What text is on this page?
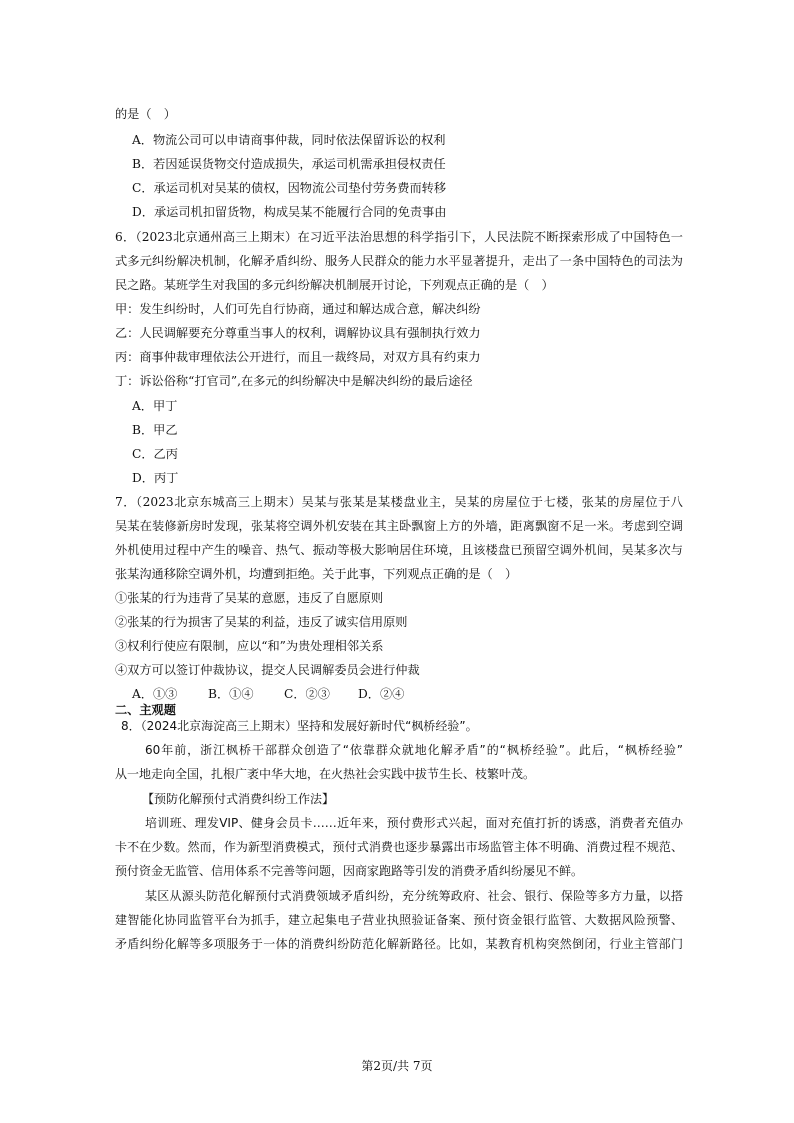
的是（　）
A．物流公司可以申请商事仲裁，同时依法保留诉讼的权利
B．若因延误货物交付造成损失，承运司机需承担侵权责任
C．承运司机对吴某的债权，因物流公司垫付劳务费而转移
D．承运司机扣留货物，构成吴某不能履行合同的免责事由
6．（2023北京通州高三上期末）在习近平法治思想的科学指引下，人民法院不断探索形成了中国特色一
式多元纠纷解决机制，化解矛盾纠纷、服务人民群众的能力水平显著提升，走出了一条中国特色的司法为
民之路。某班学生对我国的多元纠纷解决机制展开讨论，下列观点正确的是（　）
甲：发生纠纷时，人们可先自行协商，通过和解达成合意，解决纠纷
乙：人民调解要充分尊重当事人的权利，调解协议具有强制执行效力
丙：商事仲裁审理依法公开进行，而且一裁终局，对双方具有约束力
丁：诉讼俗称“打官司”,在多元的纠纷解决中是解决纠纷的最后途径
A．甲丁
B．甲乙
C．乙丙
D．丙丁
7．（2023北京东城高三上期末）吴某与张某是某楼盘业主，吴某的房屋位于七楼，张某的房屋位于八
吴某在装修新房时发现，张某将空调外机安装在其主卧飘窗上方的外墙，距离飘窗不足一米。考虑到空调
外机使用过程中产生的噪音、热气、振动等极大影响居住环境，且该楼盘已预留空调外机间，吴某多次与
张某沟通移除空调外机，均遭到拒绝。关于此事，下列观点正确的是（　）
①张某的行为违背了吴某的意愿，违反了自愿原则
②张某的行为损害了吴某的利益，违反了诚实信用原则
③权利行使应有限制，应以“和”为贵处理相邻关系
④双方可以签订仲裁协议，提交人民调解委员会进行仲裁
A．①③	B．①④ C．②③ D．②④
二、主观题
8．（2024北京海淀高三上期末）坚持和发展好新时代“枫桥经验”。
60年前，浙江枫桥干部群众创造了“依靠群众就地化解矛盾”的“枫桥经验”。此后，“枫桥经验”
从一地走向全国，扎根广袤中华大地，在火热社会实践中拔节生长、枝繁叶茂。
【预防化解预付式消费纠纷工作法】
培训班、理发VIP、健身会员卡……近年来，预付费形式兴起，面对充值打折的诱惑，消费者充值办
卡不在少数。然而，作为新型消费模式，预付式消费也逐步暴露出市场监管主体不明确、消费过程不规范、
预付资金无监管、信用体系不完善等问题，因商家跑路等引发的消费矛盾纠纷屡见不鲜。
某区从源头防范化解预付式消费领域矛盾纠纷，充分统筹政府、社会、银行、保险等多方力量，以搭
建智能化协同监管平台为抓手，建立起集电子营业执照验证备案、预付资金银行监管、大数据风险预警、
矛盾纠纷化解等多项服务于一体的消费纠纷防范化解新路径。比如，某教育机构突然倒闭，行业主管部门
第2页/共 7页
